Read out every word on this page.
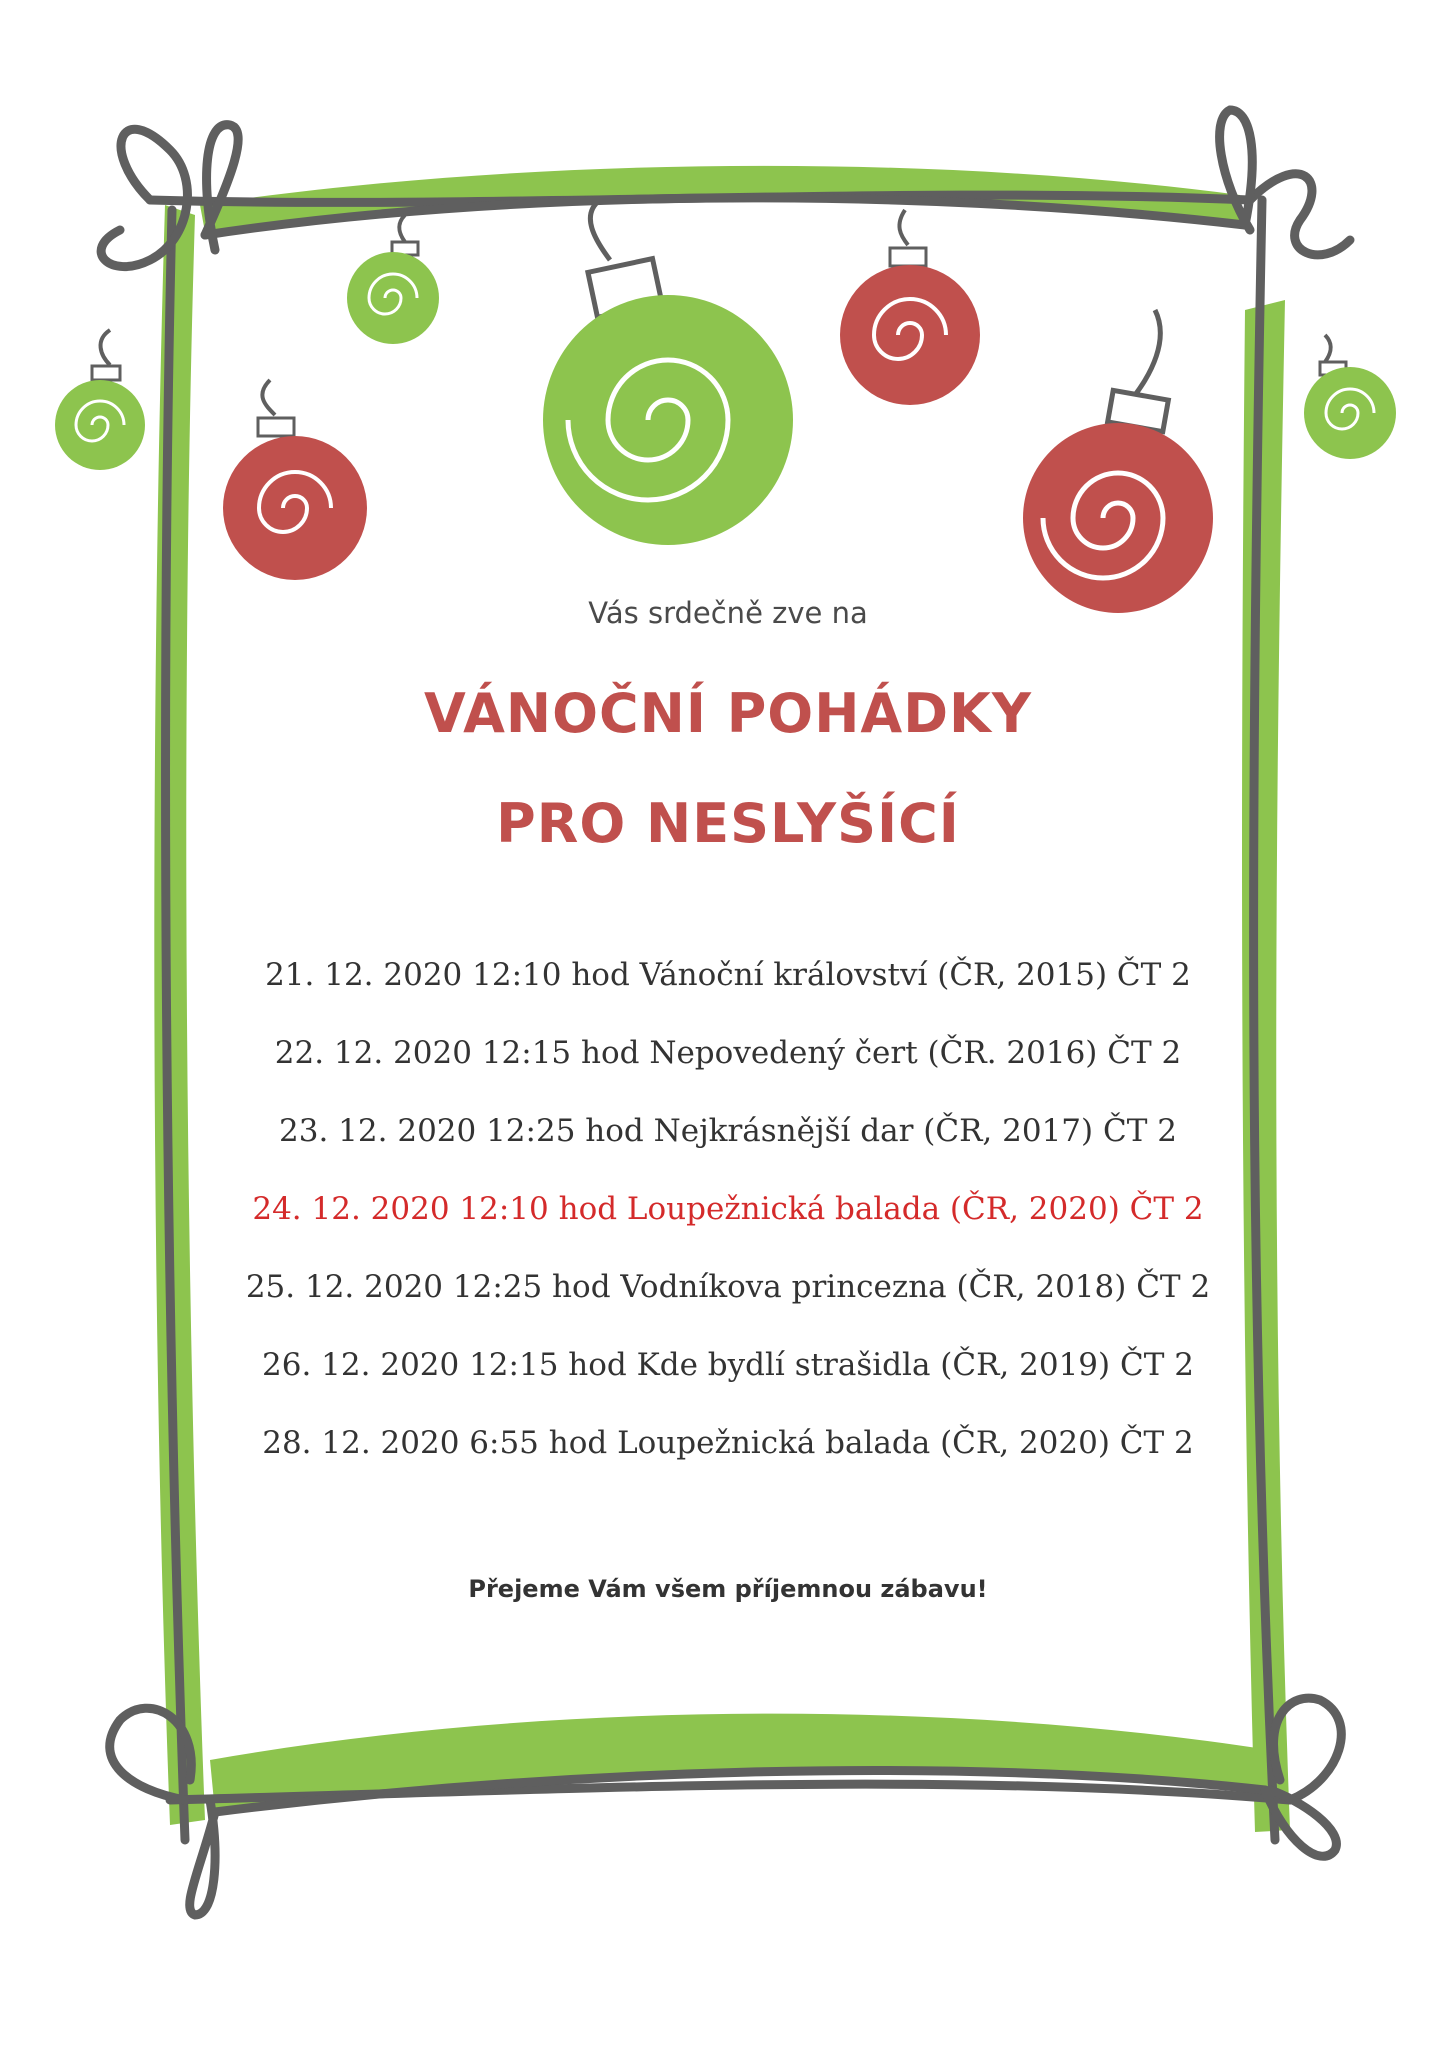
Vás srdečně zve na
VÁNOČNÍ POHÁDKY
PRO NESLYŠÍCÍ
21. 12. 2020 12:10 hod Vánoční království (ČR, 2015) ČT 2
22. 12. 2020 12:15 hod Nepovedený čert (ČR. 2016) ČT 2
23. 12. 2020 12:25 hod Nejkrásnější dar (ČR, 2017) ČT 2
24. 12. 2020 12:10 hod Loupežnická balada (ČR, 2020) ČT 2
25. 12. 2020 12:25 hod Vodníkova princezna (ČR, 2018) ČT 2
26. 12. 2020 12:15 hod Kde bydlí strašidla (ČR, 2019) ČT 2
28. 12. 2020 6:55 hod Loupežnická balada (ČR, 2020) ČT 2
Přejeme Vám všem příjemnou zábavu!
